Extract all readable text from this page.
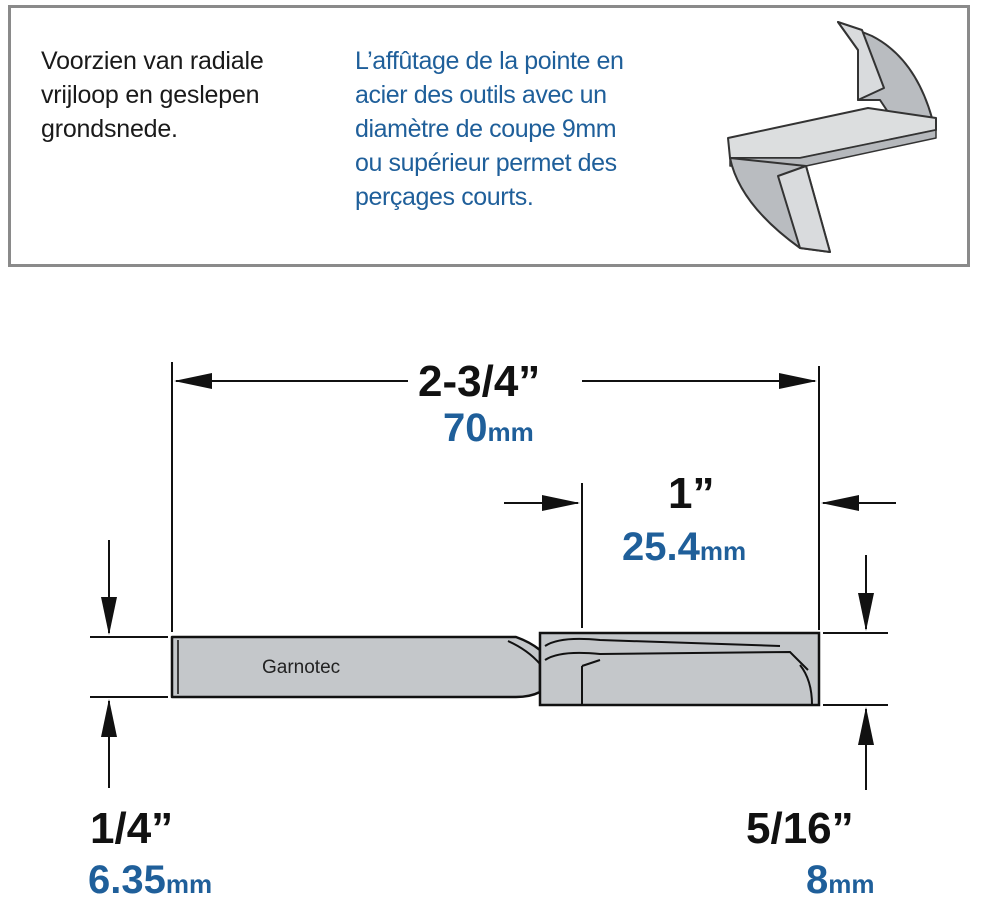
Voorzien van radiale
vrijloop en geslepen
grondsnede.
L’affûtage de la pointe en
acier des outils avec un
diamètre de coupe 9mm
ou supérieur permet des
perçages courts.
Garnotec
2-3/4”
70mm
1”
25.4mm
1/4”
6.35mm
5/16”
8mm
